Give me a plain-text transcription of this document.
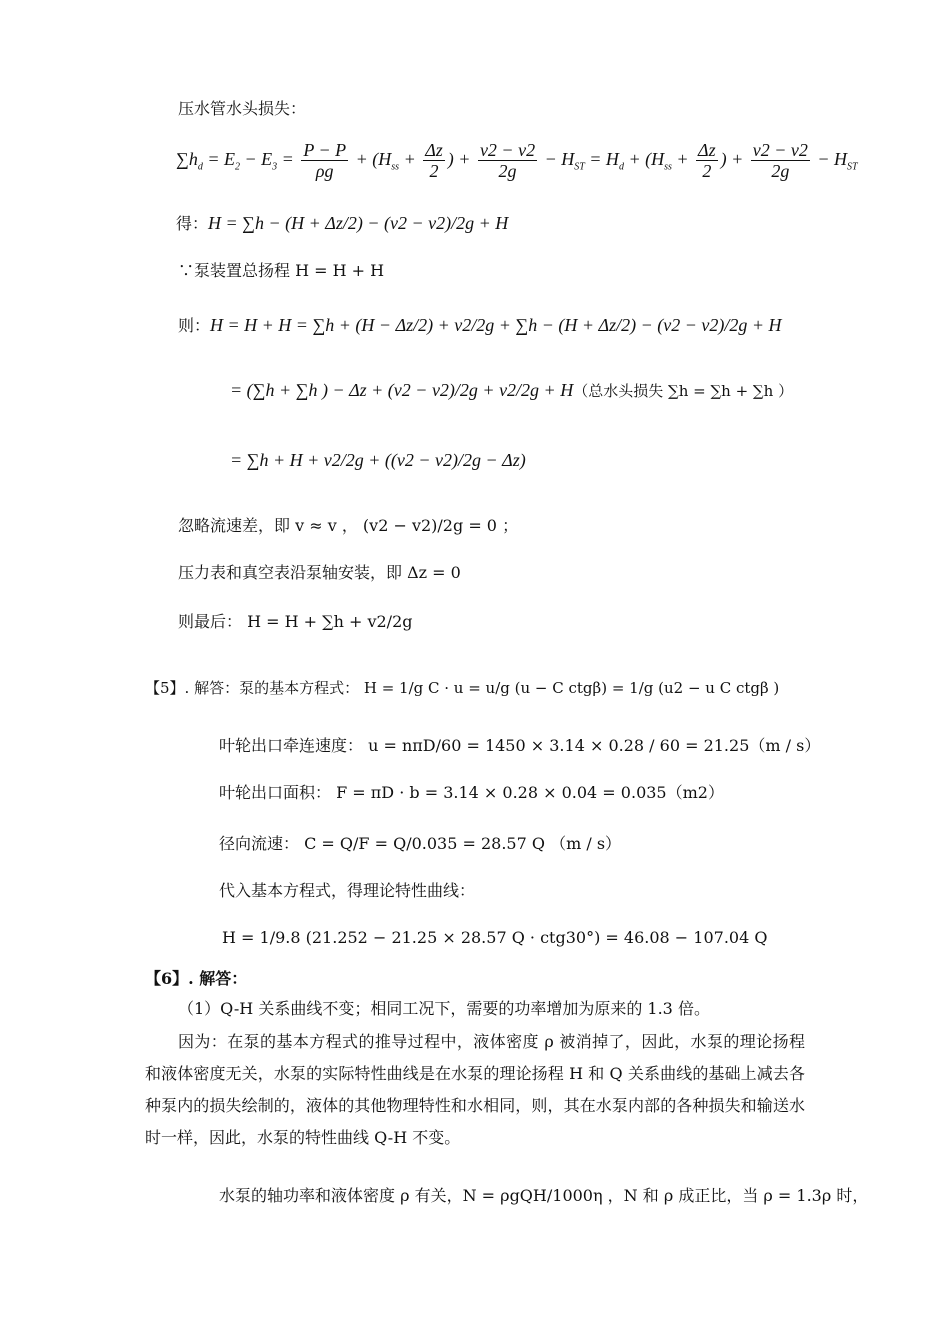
压水管水头损失：
$\sum h_d = E_2 - E_3 = \frac{P - P}{\rho g} + (H_{ss} + \frac{\Delta z}{2}$ ) + $\frac{v2 - v2}{2g} - H_{ST} = H_d + (H_{ss} + \frac{\Delta z}{2}$ ) + $\frac{v2 - v2}{2g} - H_{ST}$
得：H = ∑h − (H + Δz/2) − (v2 − v2)/2g + H
∵泵装置总扬程 H = H + H
则：H = H + H = ∑h + (H − Δz/2) + v2/2g + ∑h − (H + Δz/2) − (v2 − v2)/2g + H
= (∑h + ∑h ) − Δz + (v2 − v2)/2g + v2/2g + H（总水头损失 ∑h = ∑h + ∑h ）
= ∑h + H + v2/2g + ((v2 − v2)/2g − Δz)
忽略流速差，即 v ≈ v ， (v2 − v2)/2g = 0 ；
压力表和真空表沿泵轴安装，即 Δz = 0
则最后： H = H + ∑h + v2/2g
【5】. 解答：泵的基本方程式： H = 1/g C · u = u/g (u − C ctgβ) = 1/g (u2 − u C ctgβ )
叶轮出口牵连速度： u = nπD/60 = 1450 × 3.14 × 0.28 / 60 = 21.25（m / s）
叶轮出口面积： F = πD · b = 3.14 × 0.28 × 0.04 = 0.035（m2）
径向流速： C = Q/F = Q/0.035 = 28.57 Q （m / s）
代入基本方程式，得理论特性曲线：
H = 1/9.8 (21.252 − 21.25 × 28.57 Q · ctg30°) = 46.08 − 107.04 Q
【6】. 解答：
（1）Q-H 关系曲线不变；相同工况下，需要的功率增加为原来的 1.3 倍。
因为：在泵的基本方程式的推导过程中，液体密度 ρ 被消掉了，因此，水泵的理论扬程和液体密度无关，水泵的实际特性曲线是在水泵的理论扬程 H 和 Q 关系曲线的基础上减去各种泵内的损失绘制的，液体的其他物理特性和水相同，则，其在水泵内部的各种损失和输送水时一样，因此，水泵的特性曲线 Q-H 不变。
水泵的轴功率和液体密度 ρ 有关，N = ρgQH/1000η ，N 和 ρ 成正比，当 ρ = 1.3ρ 时，
